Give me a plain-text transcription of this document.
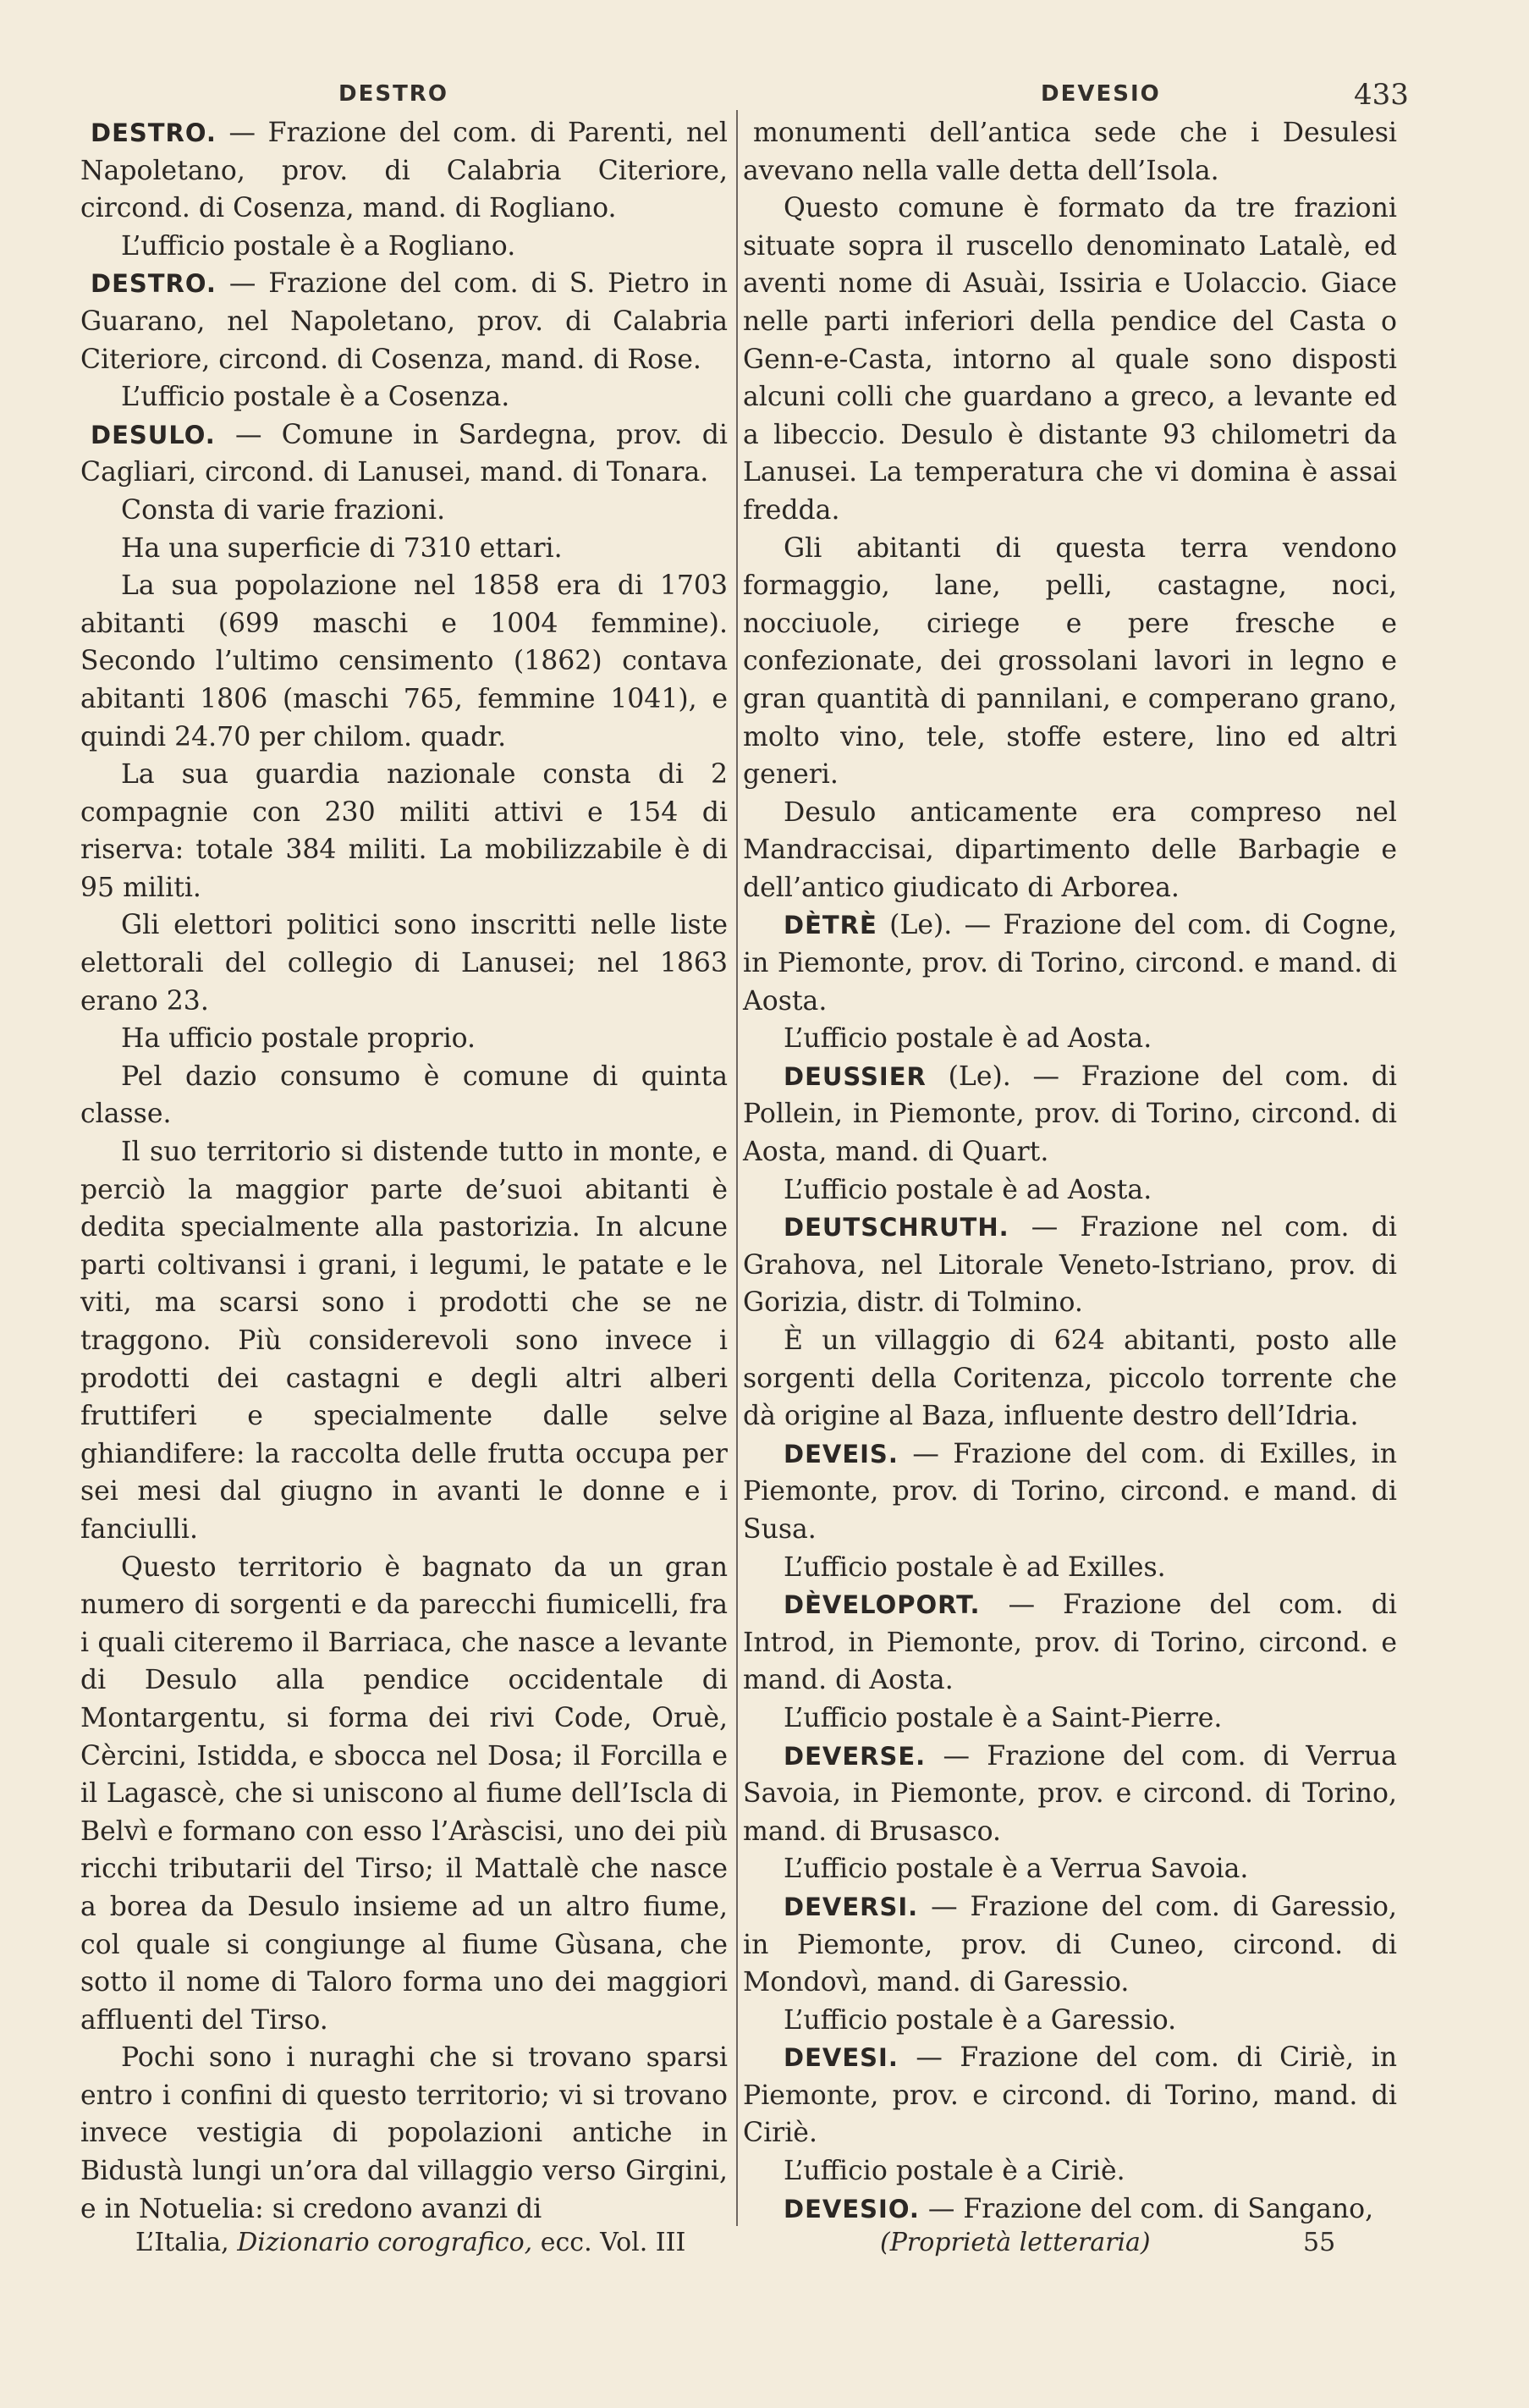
DESTRO	DEVESIO	433

DESTRO. — Frazione del com. di Parenti, nel Napoletano, prov. di Calabria Citeriore, circond. di Cosenza, mand. di Rogliano.

L’ufficio postale è a Rogliano.

DESTRO. — Frazione del com. di S. Pietro in Guarano, nel Napoletano, prov. di Calabria Citeriore, circond. di Cosenza, mand. di Rose.

L’ufficio postale è a Cosenza.

DESULO. — Comune in Sardegna, prov. di Cagliari, circond. di Lanusei, mand. di Tonara.

Consta di varie frazioni.

Ha una superficie di 7310 ettari.

La sua popolazione nel 1858 era di 1703 abitanti (699 maschi e 1004 femmine). Secondo l’ultimo censimento (1862) contava abitanti 1806 (maschi 765, femmine 1041), e quindi 24.70 per chilom. quadr.

La sua guardia nazionale consta di 2 compagnie con 230 militi attivi e 154 di riserva: totale 384 militi. La mobilizzabile è di 95 militi.

Gli elettori politici sono inscritti nelle liste elettorali del collegio di Lanusei; nel 1863 erano 23.

Ha ufficio postale proprio.

Pel dazio consumo è comune di quinta classe.

Il suo territorio si distende tutto in monte, e perciò la maggior parte de’suoi abitanti è dedita specialmente alla pastorizia. In alcune parti coltivansi i grani, i legumi, le patate e le viti, ma scarsi sono i prodotti che se ne traggono. Più considerevoli sono invece i prodotti dei castagni e degli altri alberi fruttiferi e specialmente dalle selve ghiandifere: la raccolta delle frutta occupa per sei mesi dal giugno in avanti le donne e i fanciulli.

Questo territorio è bagnato da un gran numero di sorgenti e da parecchi fiumicelli, fra i quali citeremo il Barriaca, che nasce a levante di Desulo alla pendice occidentale di Montargentu, si forma dei rivi Code, Oruè, Cèrcini, Istidda, e sbocca nel Dosa; il Forcilla e il Lagascè, che si uniscono al fiume dell’Iscla di Belvì e formano con esso l’Aràscisi, uno dei più ricchi tributarii del Tirso; il Mattalè che nasce a borea da Desulo insieme ad un altro fiume, col quale si congiunge al fiume Gùsana, che sotto il nome di Taloro forma uno dei maggiori affluenti del Tirso.

Pochi sono i nuraghi che si trovano sparsi entro i confini di questo territorio; vi si trovano invece vestigia di popolazioni antiche in Bidustà lungi un’ora dal villaggio verso Girgini, e in Notuelia: si credono avanzi di

monumenti dell’antica sede che i Desulesi avevano nella valle detta dell’Isola.

Questo comune è formato da tre frazioni situate sopra il ruscello denominato Latalè, ed aventi nome di Asuài, Issiria e Uolaccio. Giace nelle parti inferiori della pendice del Casta o Genn-e-Casta, intorno al quale sono disposti alcuni colli che guardano a greco, a levante ed a libeccio. Desulo è distante 93 chilometri da Lanusei. La temperatura che vi domina è assai fredda.

Gli abitanti di questa terra vendono formaggio, lane, pelli, castagne, noci, nocciuole, ciriege e pere fresche e confezionate, dei grossolani lavori in legno e gran quantità di pannilani, e comperano grano, molto vino, tele, stoffe estere, lino ed altri generi.

Desulo anticamente era compreso nel Mandraccisai, dipartimento delle Barbagie e dell’antico giudicato di Arborea.

DÈTRÈ (Le). — Frazione del com. di Cogne, in Piemonte, prov. di Torino, circond. e mand. di Aosta.

L’ufficio postale è ad Aosta.

DEUSSIER (Le). — Frazione del com. di Pollein, in Piemonte, prov. di Torino, circond. di Aosta, mand. di Quart.

L’ufficio postale è ad Aosta.

DEUTSCHRUTH. — Frazione nel com. di Grahova, nel Litorale Veneto-Istriano, prov. di Gorizia, distr. di Tolmino.

È un villaggio di 624 abitanti, posto alle sorgenti della Coritenza, piccolo torrente che dà origine al Baza, influente destro dell’Idria.

DEVEIS. — Frazione del com. di Exilles, in Piemonte, prov. di Torino, circond. e mand. di Susa.

L’ufficio postale è ad Exilles.

DÈVELOPORT. — Frazione del com. di Introd, in Piemonte, prov. di Torino, circond. e mand. di Aosta.

L’ufficio postale è a Saint-Pierre.

DEVERSE. — Frazione del com. di Verrua Savoia, in Piemonte, prov. e circond. di Torino, mand. di Brusasco.

L’ufficio postale è a Verrua Savoia.

DEVERSI. — Frazione del com. di Garessio, in Piemonte, prov. di Cuneo, circond. di Mondovì, mand. di Garessio.

L’ufficio postale è a Garessio.

DEVESI. — Frazione del com. di Ciriè, in Piemonte, prov. e circond. di Torino, mand. di Ciriè.

L’ufficio postale è a Ciriè.

DEVESIO. — Frazione del com. di Sangano,

L’Italia, Dizionario corografico, ecc. Vol. III	(Proprietà letteraria)	55
